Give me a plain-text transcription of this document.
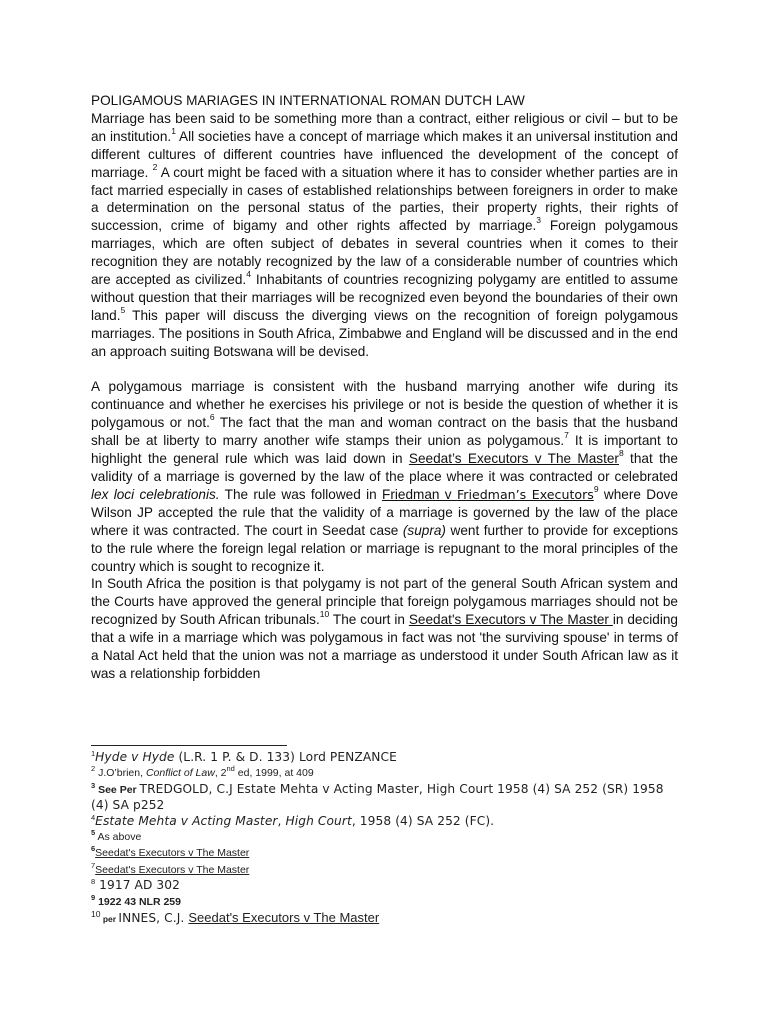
POLIGAMOUS MARIAGES IN INTERNATIONAL ROMAN DUTCH LAW

Marriage has been said to be something more than a contract, either religious or civil – but to be an institution.$^1$ All societies have a concept of marriage which makes it an universal institution and different cultures of different countries have influenced the development of the concept of marriage. $^2$ A court might be faced with a situation where it has to consider whether parties are in fact married especially in cases of established relationships between foreigners in order to make a determination on the personal status of the parties, their property rights, their rights of succession, crime of bigamy and other rights affected by marriage.$^3$ Foreign polygamous marriages, which are often subject of debates in several countries when it comes to their recognition they are notably recognized by the law of a considerable number of countries which are accepted as civilized.$^4$ Inhabitants of countries recognizing polygamy are entitled to assume without question that their marriages will be recognized even beyond the boundaries of their own land.$^5$ This paper will discuss the diverging views on the recognition of foreign polygamous marriages. The positions in South Africa, Zimbabwe and England will be discussed and in the end an approach suiting Botswana will be devised.

A polygamous marriage is consistent with the husband marrying another wife during its continuance and whether he exercises his privilege or not is beside the question of whether it is polygamous or not.$^6$ The fact that the man and woman contract on the basis that the husband shall be at liberty to marry another wife stamps their union as polygamous.$^7$ It is important to highlight the general rule which was laid down in Seedat’s Executors v The Master$^8$ that the validity of a marriage is governed by the law of the place where it was contracted or celebrated lex loci celebrationis. The rule was followed in Friedman v Friedman’s Executors$^9$ where Dove Wilson JP accepted the rule that the validity of a marriage is governed by the law of the place where it was contracted. The court in Seedat case (supra) went further to provide for exceptions to the rule where the foreign legal relation or marriage is repugnant to the moral principles of the country which is sought to recognize it.

In South Africa the position is that polygamy is not part of the general South African system and the Courts have approved the general principle that foreign polygamous marriages should not be recognized by South African tribunals.$^{10}$ The court in Seedat's Executors v The Master in deciding that a wife in a marriage which was polygamous in fact was not 'the surviving spouse' in terms of a Natal Act held that the union was not a marriage as understood it under South African law as it was a relationship forbidden

$^1$Hyde v Hyde (L.R. 1 P. & D. 133) Lord PENZANCE
$^2$ J.O’brien, Conflict of Law, 2nd ed, 1999, at 409
$^3$ See Per TREDGOLD, C.J Estate Mehta v Acting Master, High Court 1958 (4) SA 252 (SR) 1958 (4) SA p252
$^4$Estate Mehta v Acting Master, High Court, 1958 (4) SA 252 (FC).
$^5$ As above
$^6$Seedat's Executors v The Master
$^7$Seedat's Executors v The Master
$^8$ 1917 AD 302
$^9$ 1922 43 NLR 259
$^{10}$ per INNES, C.J. Seedat's Executors v The Master
